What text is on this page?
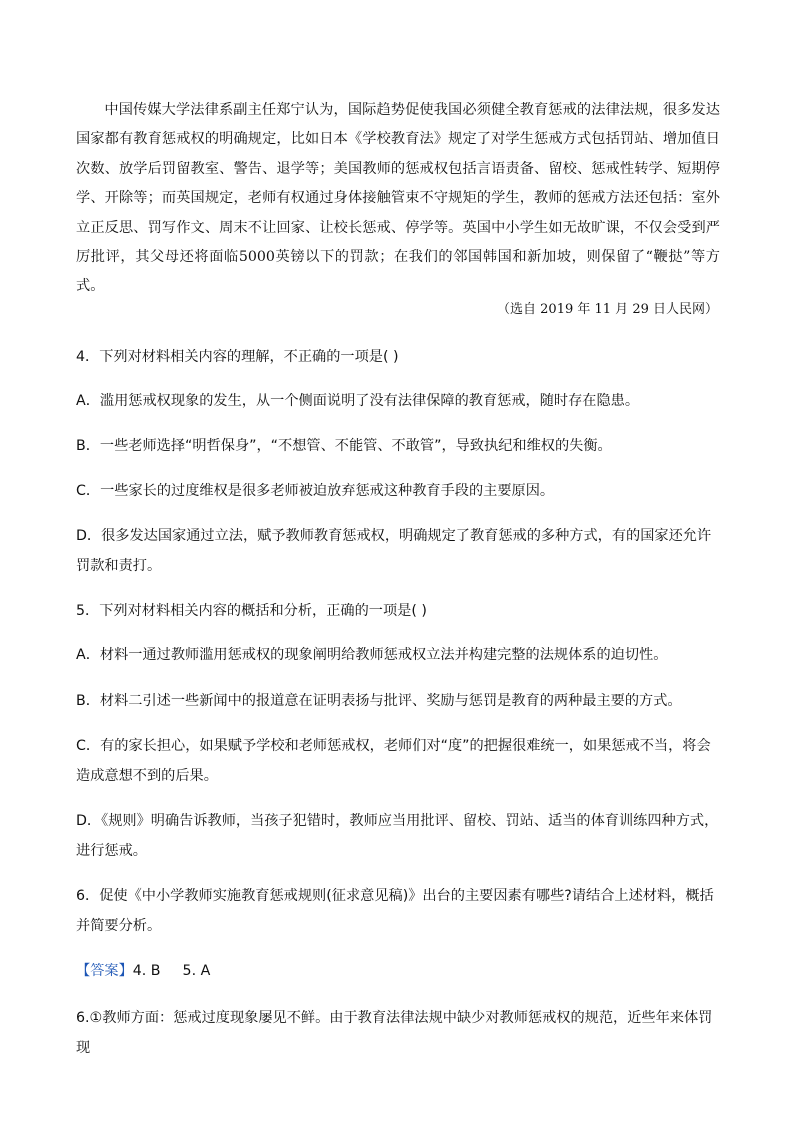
中国传媒大学法律系副主任郑宁认为，国际趋势促使我国必须健全教育惩戒的法律法规，很多发达国家都有教育惩戒权的明确规定，比如日本《学校教育法》规定了对学生惩戒方式包括罚站、增加值日次数、放学后罚留教室、警告、退学等；美国教师的惩戒权包括言语责备、留校、惩戒性转学、短期停学、开除等；而英国规定，老师有权通过身体接触管束不守规矩的学生，教师的惩戒方法还包括：室外立正反思、罚写作文、周末不让回家、让校长惩戒、停学等。英国中小学生如无故旷课，不仅会受到严厉批评，其父母还将面临5000英镑以下的罚款；在我们的邻国韩国和新加坡，则保留了“鞭挞”等方式。

（选自 2019 年 11 月 29 日人民网）
4．下列对材料相关内容的理解，不正确的一项是( )
A．滥用惩戒权现象的发生，从一个侧面说明了没有法律保障的教育惩戒，随时存在隐患。
B．一些老师选择“明哲保身”，“不想管、不能管、不敢管”，导致执纪和维权的失衡。
C．一些家长的过度维权是很多老师被迫放弃惩戒这种教育手段的主要原因。
D．很多发达国家通过立法，赋予教师教育惩戒权，明确规定了教育惩戒的多种方式，有的国家还允许罚款和责打。
5．下列对材料相关内容的概括和分析，正确的一项是( )
A．材料一通过教师滥用惩戒权的现象阐明给教师惩戒权立法并构建完整的法规体系的迫切性。
B．材料二引述一些新闻中的报道意在证明表扬与批评、奖励与惩罚是教育的两种最主要的方式。
C．有的家长担心，如果赋予学校和老师惩戒权，老师们对“度”的把握很难统一，如果惩戒不当，将会造成意想不到的后果。
D．《规则》明确告诉教师，当孩子犯错时，教师应当用批评、留校、罚站、适当的体育训练四种方式，进行惩戒。
6．促使《中小学教师实施教育惩戒规则(征求意见稿)》出台的主要因素有哪些?请结合上述材料，概括并简要分析。
【答案】4. B 5. A
6.①教师方面：惩戒过度现象屡见不鲜。由于教育法律法规中缺少对教师惩戒权的规范，近些年来体罚现
